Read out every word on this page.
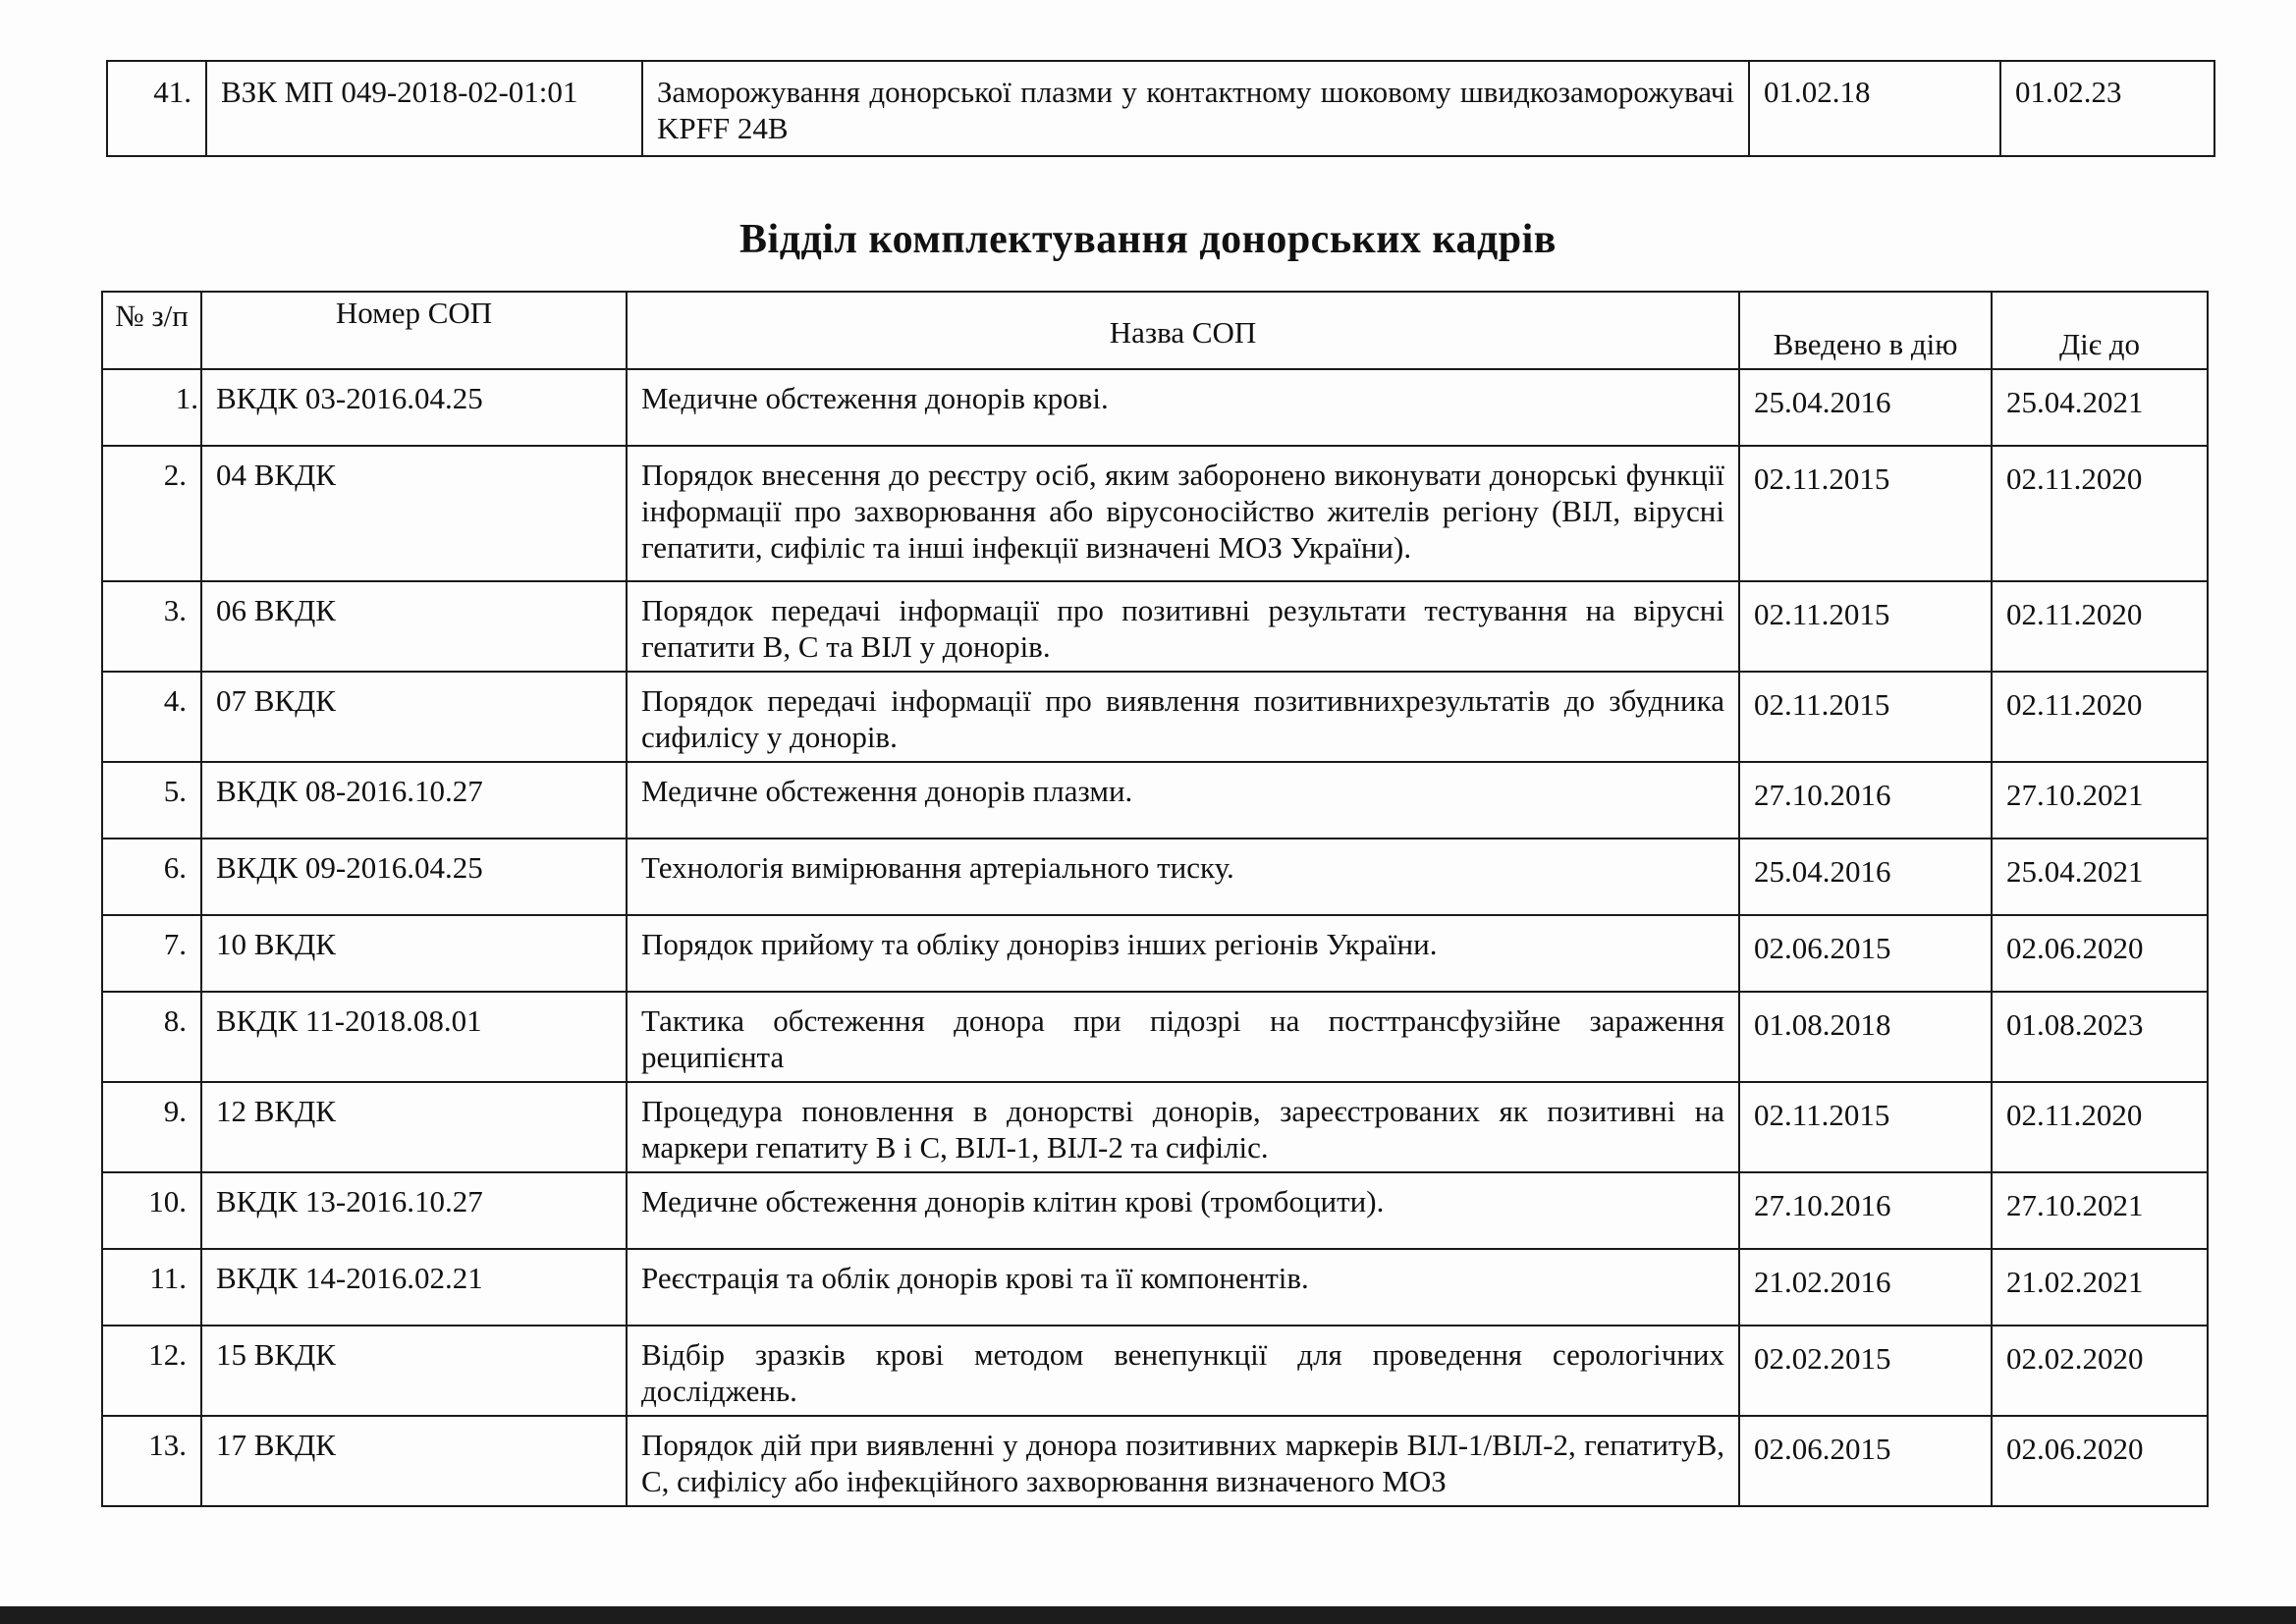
41.	ВЗК МП 049-2018-02-01:01	Заморожування донорської плазми у контактному шоковому швидкозаморожувачі KPFF 24B	01.02.18	01.02.23
Відділ комплектування донорських кадрів
№ з/п	Номер СОП	Назва СОП	Введено в дію	Діє до
1.	ВКДК 03-2016.04.25	Медичне обстеження донорів крові.	25.04.2016	25.04.2021
2.	04 ВКДК	Порядок внесення до реєстру осіб, яким заборонено виконувати донорські функції інформації про захворювання або вірусоносійство жителів регіону (ВІЛ, вірусні гепатити, сифіліс та інші інфекції визначені МОЗ України).	02.11.2015	02.11.2020
3.	06 ВКДК	Порядок передачі інформації про позитивні результати тестування на вірусні гепатити В, С та ВІЛ у донорів.	02.11.2015	02.11.2020
4.	07 ВКДК	Порядок передачі інформації про виявлення позитивнихрезультатів до збудника сифилісу у донорів.	02.11.2015	02.11.2020
5.	ВКДК 08-2016.10.27	Медичне обстеження донорів плазми.	27.10.2016	27.10.2021
6.	ВКДК 09-2016.04.25	Технологія вимірювання артеріального тиску.	25.04.2016	25.04.2021
7.	10 ВКДК	Порядок прийому та обліку донорівз інших регіонів України.	02.06.2015	02.06.2020
8.	ВКДК 11-2018.08.01	Тактика обстеження донора при підозрі на посттрансфузійне зараження реципієнта	01.08.2018	01.08.2023
9.	12 ВКДК	Процедура поновлення в донорстві донорів, зареєстрованих як позитивні на маркери гепатиту В і С, ВІЛ-1, ВІЛ-2 та сифіліс.	02.11.2015	02.11.2020
10.	ВКДК 13-2016.10.27	Медичне обстеження донорів клітин крові (тромбоцити).	27.10.2016	27.10.2021
11.	ВКДК 14-2016.02.21	Реєстрація та облік донорів крові та її компонентів.	21.02.2016	21.02.2021
12.	15 ВКДК	Відбір зразків крові методом венепункції для проведення серологічних досліджень.	02.02.2015	02.02.2020
13.	17 ВКДК	Порядок дій при виявленні у донора позитивних маркерів ВІЛ-1/ВІЛ-2, гепатитуВ, С, сифілісу або інфекційного захворювання визначеного МОЗ	02.06.2015	02.06.2020
